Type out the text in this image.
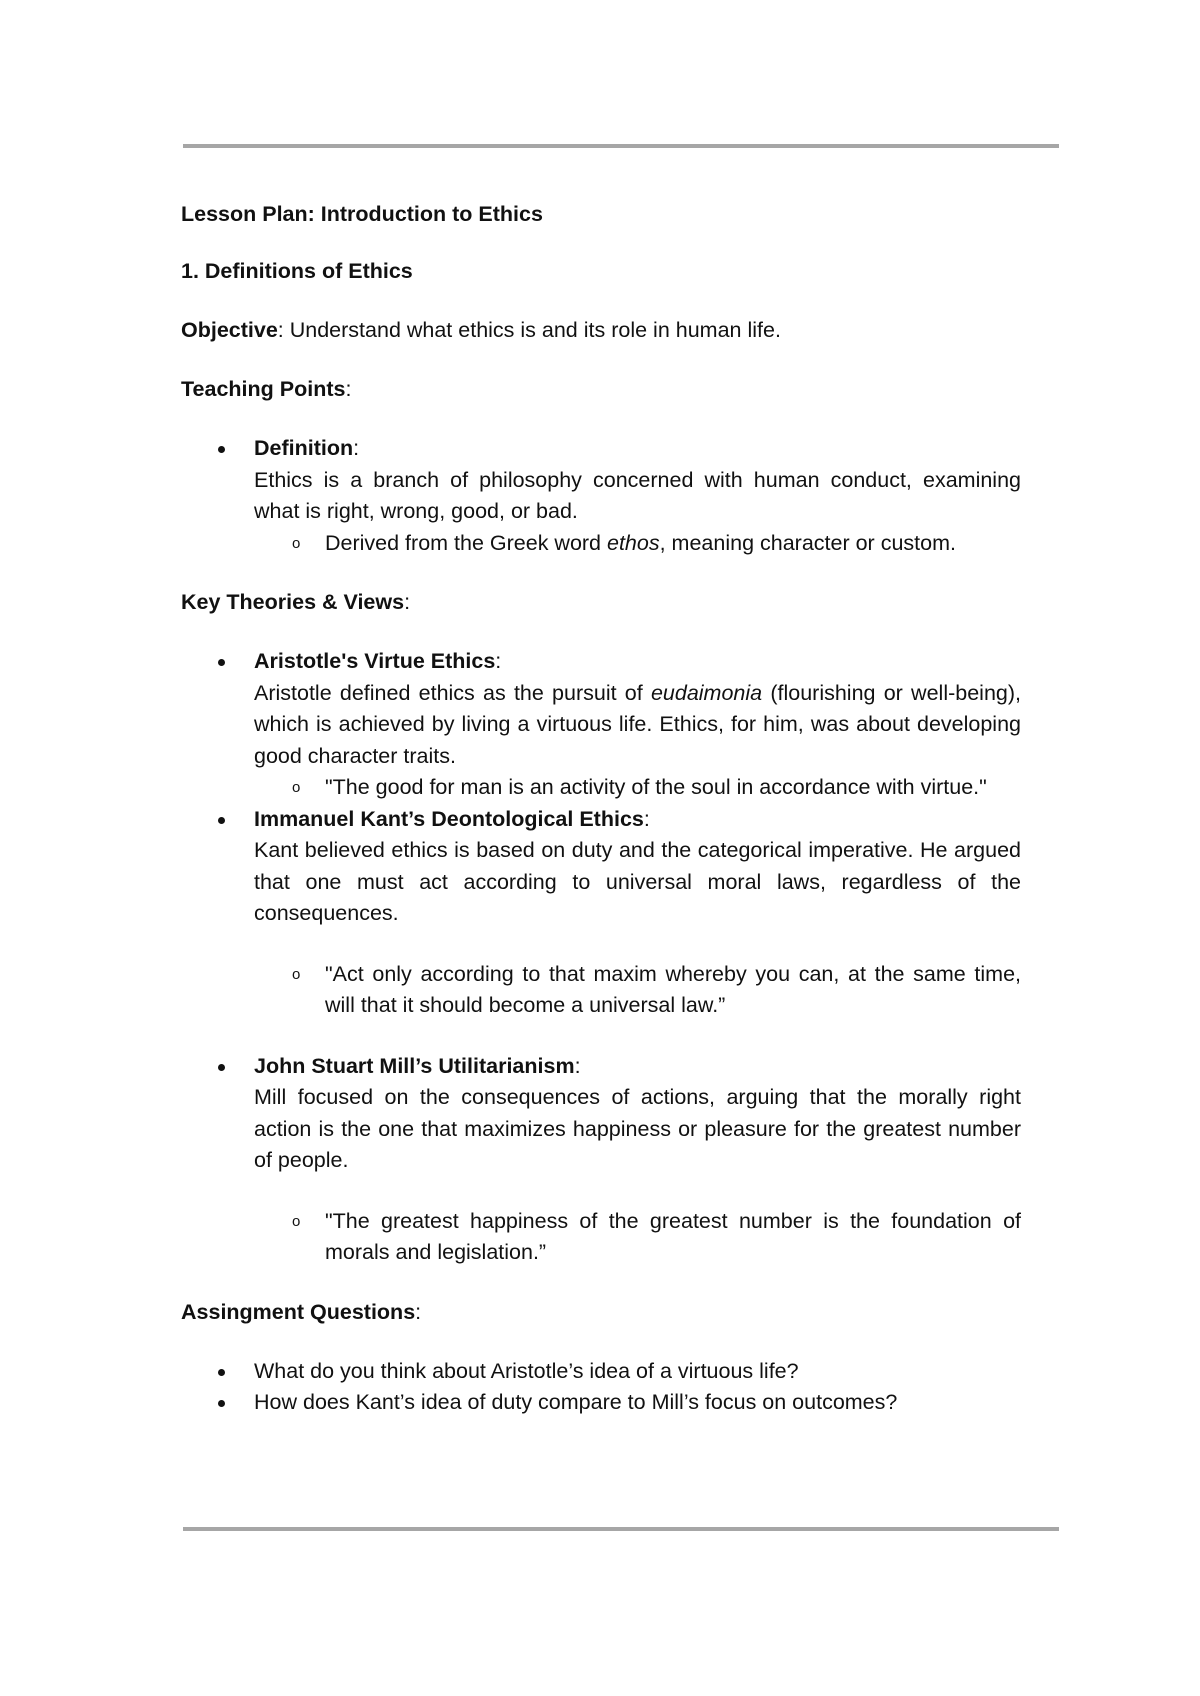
Lesson Plan: Introduction to Ethics

1. Definitions of Ethics

Objective: Understand what ethics is and its role in human life.

Teaching Points:

Definition:
Ethics is a branch of philosophy concerned with human conduct, examining what is right, wrong, good, or bad.
o
Derived from the Greek word ethos, meaning character or custom.

Key Theories & Views:

Aristotle's Virtue Ethics:
Aristotle defined ethics as the pursuit of eudaimonia (flourishing or well-being), which is achieved by living a virtuous life. Ethics, for him, was about developing good character traits.
o
"The good for man is an activity of the soul in accordance with virtue."
Immanuel Kant’s Deontological Ethics:
Kant believed ethics is based on duty and the categorical imperative. He argued that one must act according to universal moral laws, regardless of the consequences.
o
"Act only according to that maxim whereby you can, at the same time, will that it should become a universal law.”
John Stuart Mill’s Utilitarianism:
Mill focused on the consequences of actions, arguing that the morally right action is the one that maximizes happiness or pleasure for the greatest number of people.
o
"The greatest happiness of the greatest number is the foundation of morals and legislation.”

Assingment Questions:

What do you think about Aristotle’s idea of a virtuous life?
How does Kant’s idea of duty compare to Mill’s focus on outcomes?
